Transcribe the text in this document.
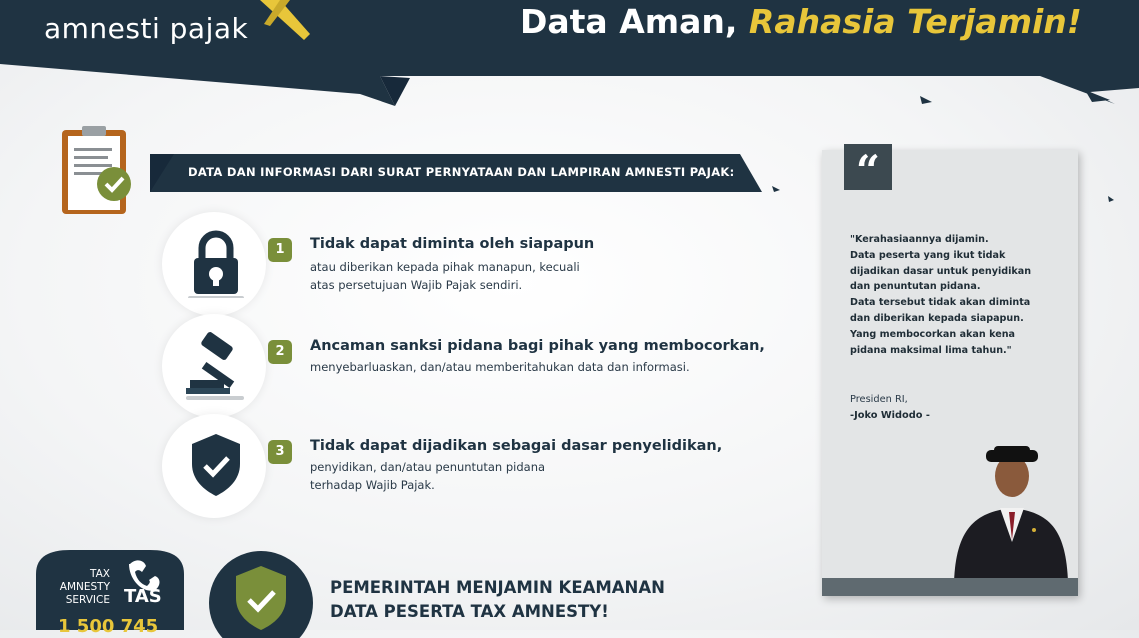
amnesti pajak	Data Aman, Rahasia Terjamin!
DATA DAN INFORMASI DARI SURAT PERNYATAAN DAN LAMPIRAN AMNESTI PAJAK:
1	Tidak dapat diminta oleh siapapun
atau diberikan kepada pihak manapun, kecuali
atas persetujuan Wajib Pajak sendiri.
2	Ancaman sanksi pidana bagi pihak yang membocorkan,
menyebarluaskan, dan/atau memberitahukan data dan informasi.
3	Tidak dapat dijadikan sebagai dasar penyelidikan,
penyidikan, dan/atau penuntutan pidana
terhadap Wajib Pajak.
“
"Kerahasiaannya dijamin.
Data peserta yang ikut tidak
dijadikan dasar untuk penyidikan
dan penuntutan pidana.
Data tersebut tidak akan diminta
dan diberikan kepada siapapun.
Yang membocorkan akan kena
pidana maksimal lima tahun."
Presiden RI,
-Joko Widodo -
TAX
AMNESTY
SERVICE TAS
1 500 745
PEMERINTAH MENJAMIN KEAMANAN
DATA PESERTA TAX AMNESTY!
